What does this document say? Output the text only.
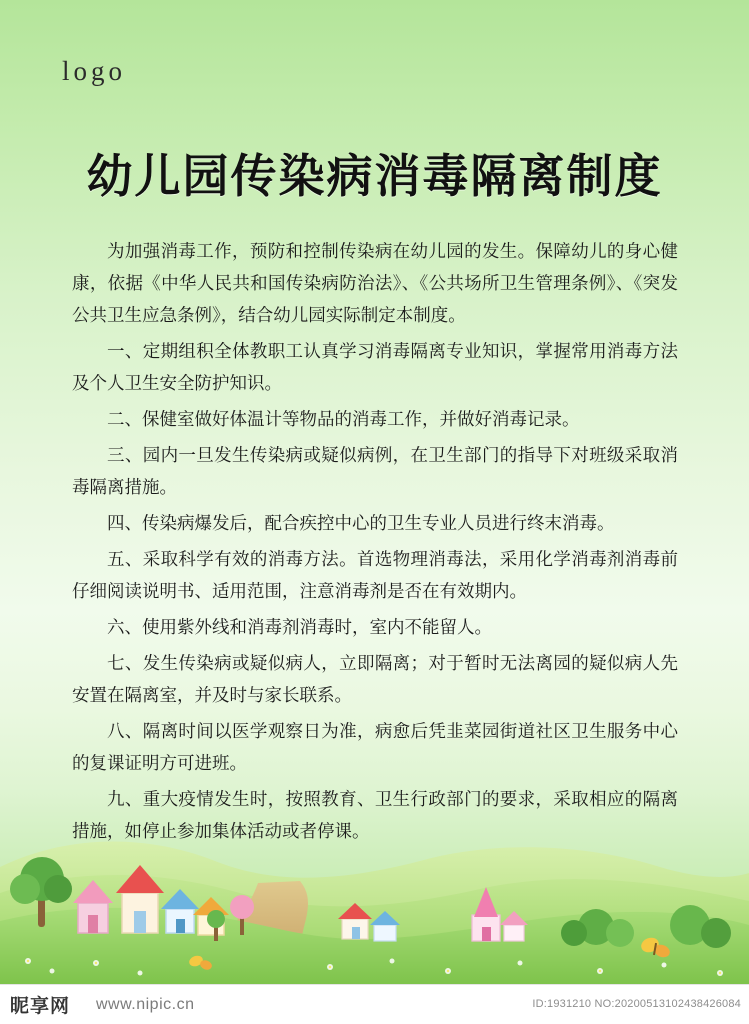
logo
幼儿园传染病消毒隔离制度

为加强消毒工作，预防和控制传染病在幼儿园的发生。保障幼儿的身心健康，依据《中华人民共和国传染病防治法》、《公共场所卫生管理条例》、《突发公共卫生应急条例》，结合幼儿园实际制定本制度。

一、定期组积全体教职工认真学习消毒隔离专业知识，掌握常用消毒方法及个人卫生安全防护知识。

二、保健室做好体温计等物品的消毒工作，并做好消毒记录。

三、园内一旦发生传染病或疑似病例，在卫生部门的指导下对班级采取消毒隔离措施。

四、传染病爆发后，配合疾控中心的卫生专业人员进行终末消毒。

五、采取科学有效的消毒方法。首选物理消毒法，采用化学消毒剂消毒前仔细阅读说明书、适用范围，注意消毒剂是否在有效期内。

六、使用紫外线和消毒剂消毒时，室内不能留人。

七、发生传染病或疑似病人，立即隔离；对于暂时无法离园的疑似病人先安置在隔离室，并及时与家长联系。

八、隔离时间以医学观察日为准，病愈后凭韭菜园街道社区卫生服务中心的复课证明方可进班。

九、重大疫情发生时，按照教育、卫生行政部门的要求，采取相应的隔离措施，如停止参加集体活动或者停课。

昵享网 www.nipic.cn	ID:1931210 NO:20200513102438426084
